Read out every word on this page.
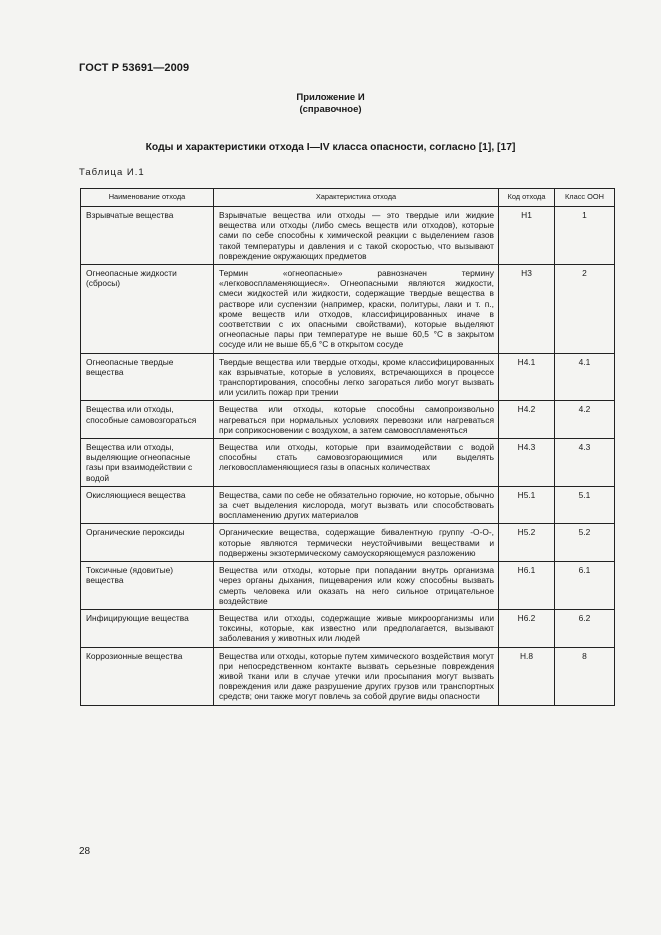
ГОСТ Р 53691—2009
Приложение И
(справочное)
Коды и характеристики отхода I—IV класса опасности, согласно [1], [17]
Таблица И.1
Наименование отхода	Характеристика отхода	Код отхода	Класс ООН
Взрывчатые вещества	Взрывчатые вещества или отходы — это твердые или жидкие вещества или отходы (либо смесь веществ или отходов), которые сами по себе способны к химической реакции с выделением газов такой температуры и давления и с такой скоростью, что вызывают повреждение окружающих предметов	Н1	1
Огнеопасные жидкости (сбросы)	Термин «огнеопасные» равнозначен термину «легковоспламеняющиеся». Огнеопасными являются жидкости, смеси жидкостей или жидкости, содержащие твердые вещества в растворе или суспензии (например, краски, политуры, лаки и т. п., кроме веществ или отходов, классифицированных иначе в соответствии с их опасными свойствами), которые выделяют огнеопасные пары при температуре не выше 60,5 °С в закрытом сосуде или не выше 65,6 °С в открытом сосуде	Н3	2
Огнеопасные твердые вещества	Твердые вещества или твердые отходы, кроме классифицированных как взрывчатые, которые в условиях, встречающихся в процессе транспортирования, способны легко загораться либо могут вызвать или усилить пожар при трении	Н4.1	4.1
Вещества или отходы, способные самовозгораться	Вещества или отходы, которые способны самопроизвольно нагреваться при нормальных условиях перевозки или нагреваться при соприкосновении с воздухом, а затем самовоспламеняться	Н4.2	4.2
Вещества или отходы, выделяющие огнеопасные газы при взаимодействии с водой	Вещества или отходы, которые при взаимодействии с водой способны стать самовозгорающимися или выделять легковоспламеняющиеся газы в опасных количествах	Н4.3	4.3
Окисляющиеся вещества	Вещества, сами по себе не обязательно горючие, но которые, обычно за счет выделения кислорода, могут вызвать или способствовать воспламенению других материалов	Н5.1	5.1
Органические пероксиды	Органические вещества, содержащие бивалентную группу -О-О-, которые являются термически неустойчивыми веществами и подвержены экзотермическому самоускоряющемуся разложению	Н5.2	5.2
Токсичные (ядовитые) вещества	Вещества или отходы, которые при попадании внутрь организма через органы дыхания, пищеварения или кожу способны вызвать смерть человека или оказать на него сильное отрицательное воздействие	Н6.1	6.1
Инфицирующие вещества	Вещества или отходы, содержащие живые микроорганизмы или токсины, которые, как известно или предполагается, вызывают заболевания у животных или людей	Н6.2	6.2
Коррозионные вещества	Вещества или отходы, которые путем химического воздействия могут при непосредственном контакте вызвать серьезные повреждения живой ткани или в случае утечки или просыпания могут вызвать повреждения или даже разрушение других грузов или транспортных средств; они также могут повлечь за собой другие виды опасности	Н.8	8
28
